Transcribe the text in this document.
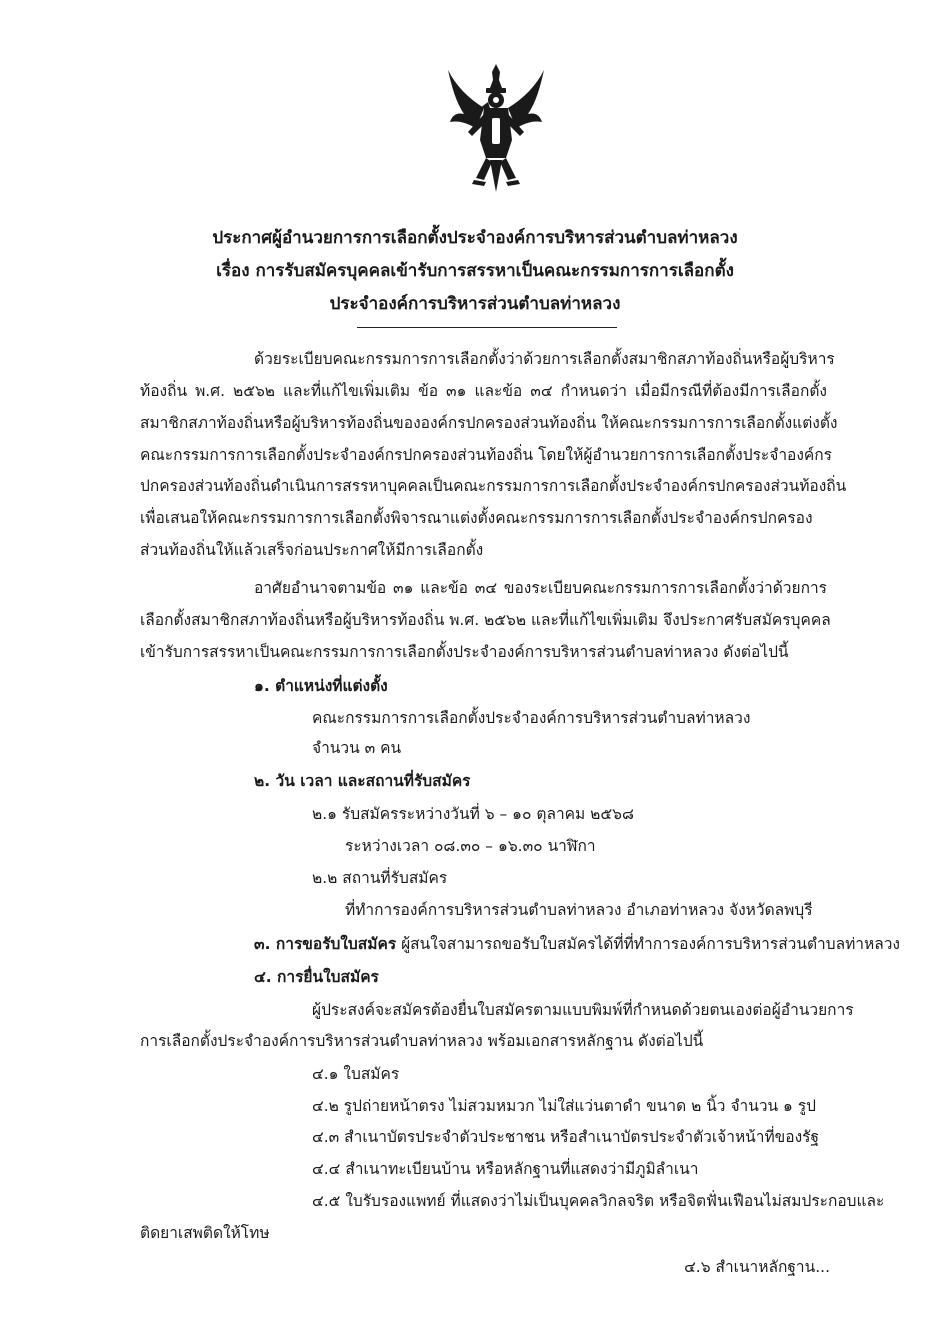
ประกาศผู้อำนวยการการเลือกตั้งประจำองค์การบริหารส่วนตำบลท่าหลวง
เรื่อง การรับสมัครบุคคลเข้ารับการสรรหาเป็นคณะกรรมการการเลือกตั้ง
ประจำองค์การบริหารส่วนตำบลท่าหลวง
ด้วยระเบียบคณะกรรมการการเลือกตั้งว่าด้วยการเลือกตั้งสมาชิกสภาท้องถิ่นหรือผู้บริหาร
ท้องถิ่น พ.ศ. ๒๕๖๒ และที่แก้ไขเพิ่มเติม ข้อ ๓๑ และข้อ ๓๔ กำหนดว่า เมื่อมีกรณีที่ต้องมีการเลือกตั้ง
สมาชิกสภาท้องถิ่นหรือผู้บริหารท้องถิ่นขององค์กรปกครองส่วนท้องถิ่น ให้คณะกรรมการการเลือกตั้งแต่งตั้ง
คณะกรรมการการเลือกตั้งประจำองค์กรปกครองส่วนท้องถิ่น โดยให้ผู้อำนวยการการเลือกตั้งประจำองค์กร
ปกครองส่วนท้องถิ่นดำเนินการสรรหาบุคคลเป็นคณะกรรมการการเลือกตั้งประจำองค์กรปกครองส่วนท้องถิ่น
เพื่อเสนอให้คณะกรรมการการเลือกตั้งพิจารณาแต่งตั้งคณะกรรมการการเลือกตั้งประจำองค์กรปกครอง
ส่วนท้องถิ่นให้แล้วเสร็จก่อนประกาศให้มีการเลือกตั้ง
อาศัยอำนาจตามข้อ ๓๑ และข้อ ๓๔ ของระเบียบคณะกรรมการการเลือกตั้งว่าด้วยการ
เลือกตั้งสมาชิกสภาท้องถิ่นหรือผู้บริหารท้องถิ่น พ.ศ. ๒๕๖๒ และที่แก้ไขเพิ่มเติม จึงประกาศรับสมัครบุคคล
เข้ารับการสรรหาเป็นคณะกรรมการการเลือกตั้งประจำองค์การบริหารส่วนตำบลท่าหลวง ดังต่อไปนี้
๑. ตำแหน่งที่แต่งตั้ง
คณะกรรมการการเลือกตั้งประจำองค์การบริหารส่วนตำบลท่าหลวง
จำนวน ๓ คน
๒. วัน เวลา และสถานที่รับสมัคร
๒.๑ รับสมัครระหว่างวันที่ ๖ – ๑๐ ตุลาคม ๒๕๖๘
ระหว่างเวลา ๐๘.๓๐ – ๑๖.๓๐ นาฬิกา
๒.๒ สถานที่รับสมัคร
ที่ทำการองค์การบริหารส่วนตำบลท่าหลวง อำเภอท่าหลวง จังหวัดลพบุรี
๓. การขอรับใบสมัคร ผู้สนใจสามารถขอรับใบสมัครได้ที่ที่ทำการองค์การบริหารส่วนตำบลท่าหลวง
๔. การยื่นใบสมัคร
ผู้ประสงค์จะสมัครต้องยื่นใบสมัครตามแบบพิมพ์ที่กำหนดด้วยตนเองต่อผู้อำนวยการ
การเลือกตั้งประจำองค์การบริหารส่วนตำบลท่าหลวง พร้อมเอกสารหลักฐาน ดังต่อไปนี้
๔.๑ ใบสมัคร
๔.๒ รูปถ่ายหน้าตรง ไม่สวมหมวก ไม่ใส่แว่นตาดำ ขนาด ๒ นิ้ว จำนวน ๑ รูป
๔.๓ สำเนาบัตรประจำตัวประชาชน หรือสำเนาบัตรประจำตัวเจ้าหน้าที่ของรัฐ
๔.๔ สำเนาทะเบียนบ้าน หรือหลักฐานที่แสดงว่ามีภูมิลำเนา
๔.๕ ใบรับรองแพทย์ ที่แสดงว่าไม่เป็นบุคคลวิกลจริต หรือจิตฟั่นเฟือนไม่สมประกอบและ
ติดยาเสพติดให้โทษ
๔.๖ สำเนาหลักฐาน...
